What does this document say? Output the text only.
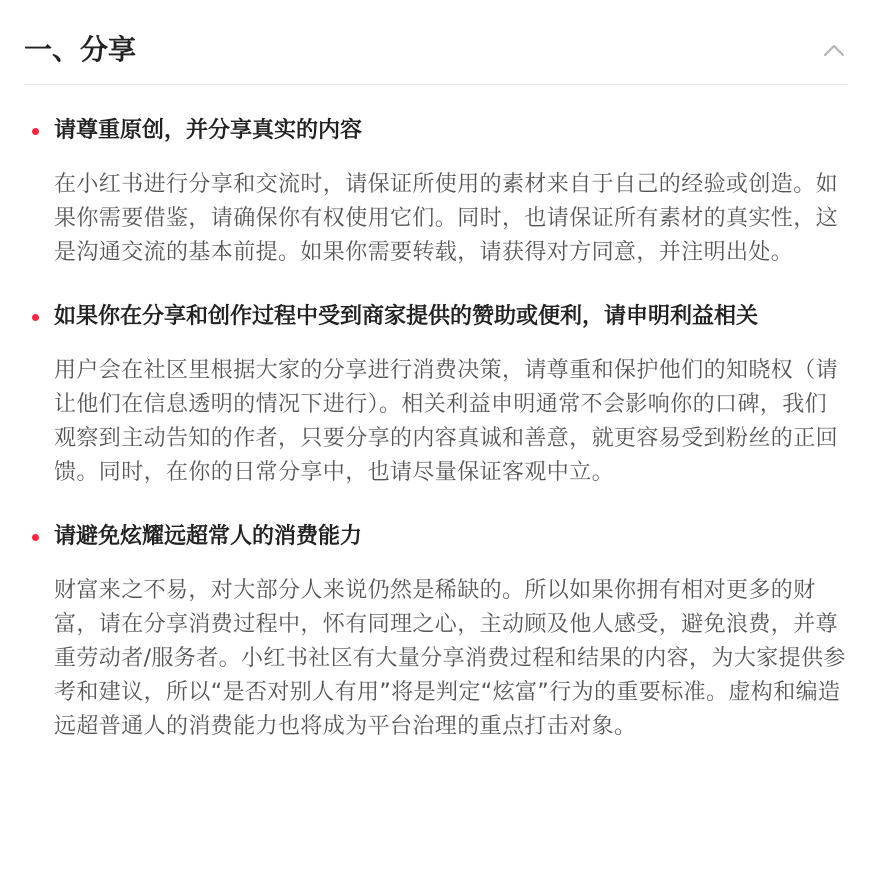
一、分享
请尊重原创，并分享真实的内容

在小红书进行分享和交流时，请保证所使用的素材来自于自己的经验或创造。如果你需要借鉴，请确保你有权使用它们。同时，也请保证所有素材的真实性，这是沟通交流的基本前提。如果你需要转载，请获得对方同意，并注明出处。

如果你在分享和创作过程中受到商家提供的赞助或便利，请申明利益相关

用户会在社区里根据大家的分享进行消费决策，请尊重和保护他们的知晓权（请让他们在信息透明的情况下进行）。相关利益申明通常不会影响你的口碑，我们观察到主动告知的作者，只要分享的内容真诚和善意，就更容易受到粉丝的正回馈。同时，在你的日常分享中，也请尽量保证客观中立。

请避免炫耀远超常人的消费能力

财富来之不易，对大部分人来说仍然是稀缺的。所以如果你拥有相对更多的财富，请在分享消费过程中，怀有同理之心，主动顾及他人感受，避免浪费，并尊重劳动者/服务者。小红书社区有大量分享消费过程和结果的内容，为大家提供参考和建议，所以“是否对别人有用”将是判定“炫富”行为的重要标准。虚构和编造远超普通人的消费能力也将成为平台治理的重点打击对象。
